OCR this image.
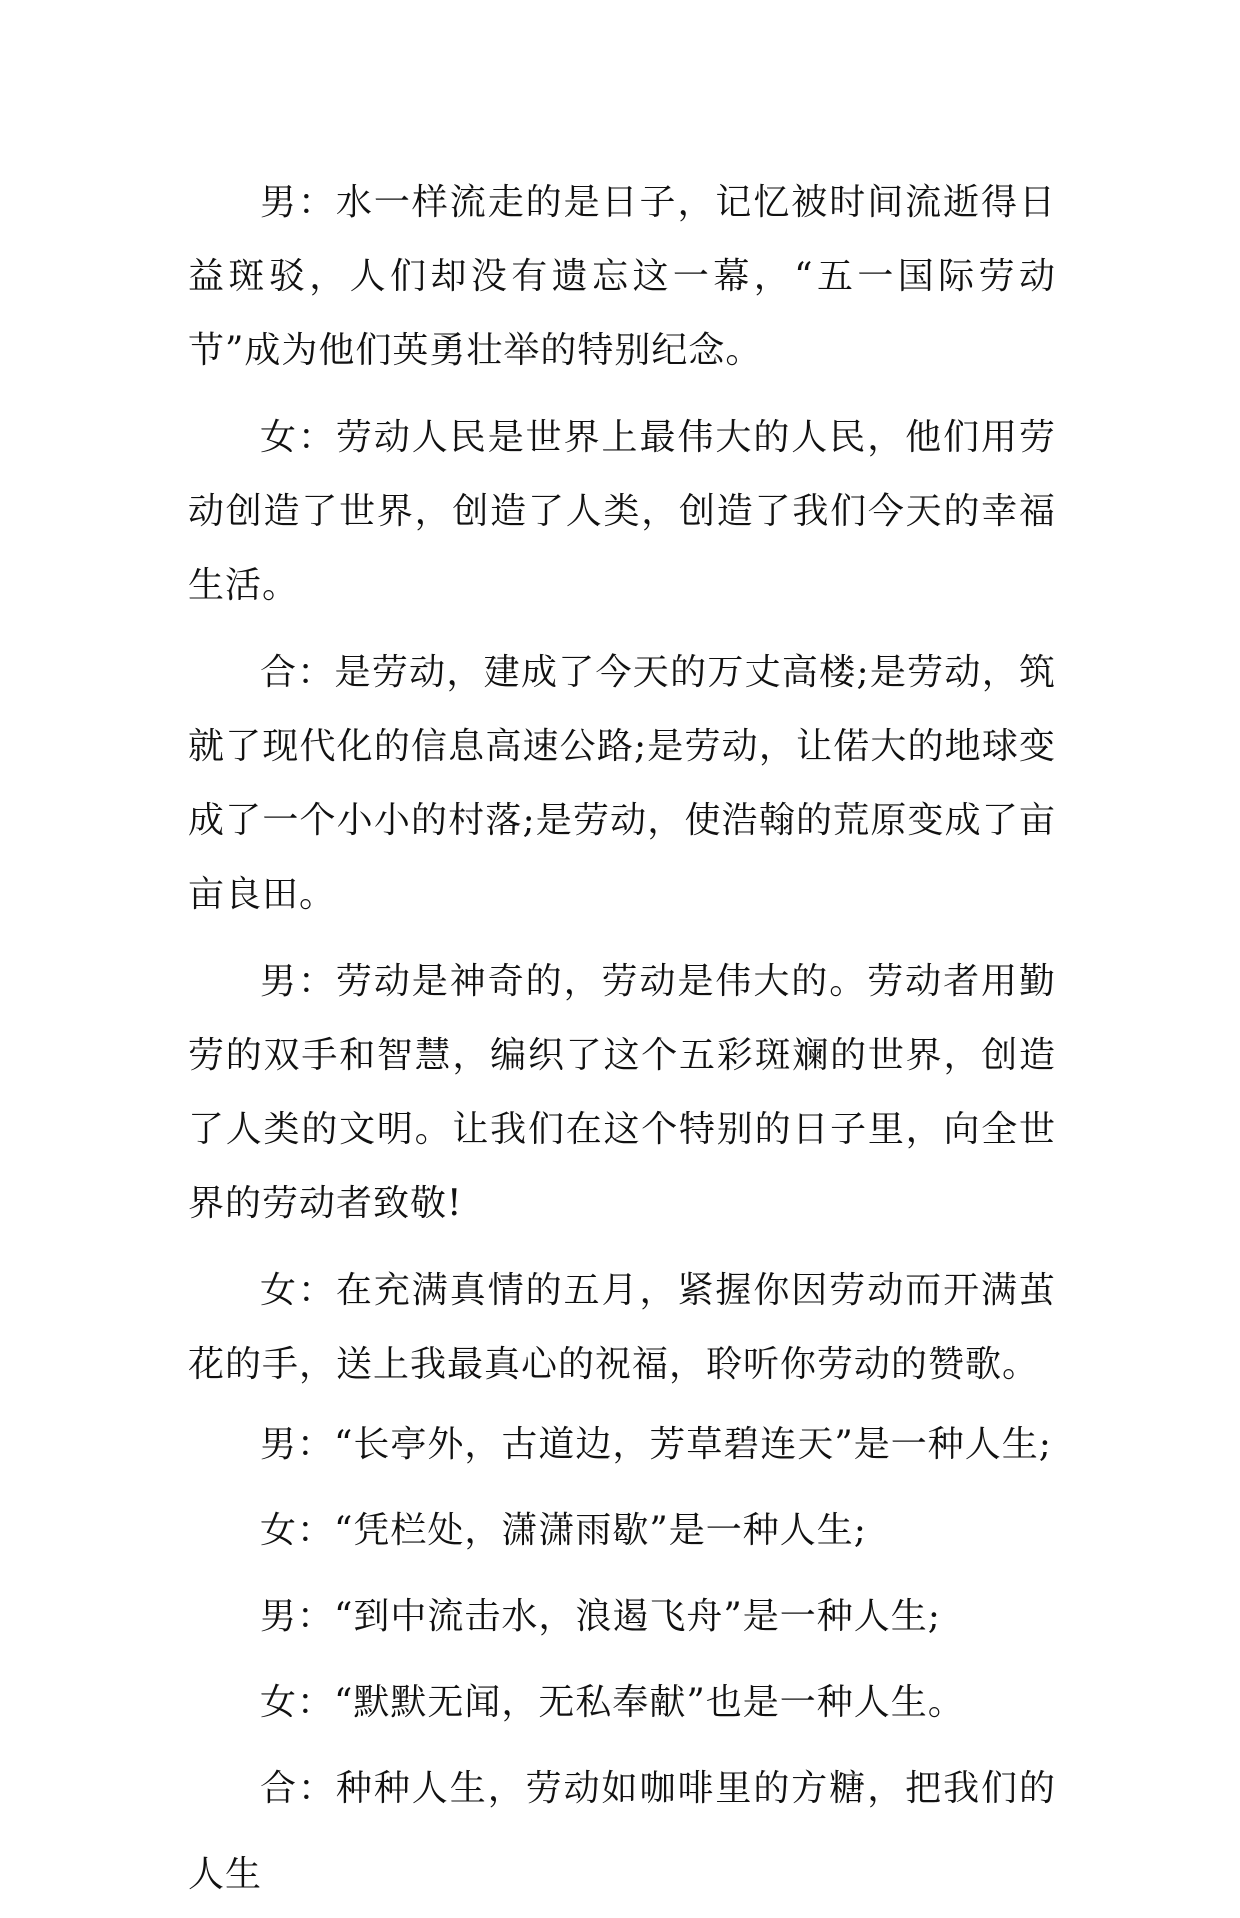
男：水一样流走的是日子，记忆被时间流逝得日益斑驳，人们却没有遗忘这一幕，“五一国际劳动节”成为他们英勇壮举的特别纪念。

女：劳动人民是世界上最伟大的人民，他们用劳动创造了世界，创造了人类，创造了我们今天的幸福生活。

合：是劳动，建成了今天的万丈高楼;是劳动，筑就了现代化的信息高速公路;是劳动，让偌大的地球变成了一个小小的村落;是劳动，使浩翰的荒原变成了亩亩良田。

男：劳动是神奇的，劳动是伟大的。劳动者用勤劳的双手和智慧，编织了这个五彩斑斓的世界，创造了人类的文明。让我们在这个特别的日子里，向全世界的劳动者致敬!

女：在充满真情的五月，紧握你因劳动而开满茧花的手，送上我最真心的祝福，聆听你劳动的赞歌。

男：“长亭外，古道边，芳草碧连天”是一种人生;

女：“凭栏处，潇潇雨歇”是一种人生;

男：“到中流击水，浪遏飞舟”是一种人生;

女：“默默无闻，无私奉献”也是一种人生。

合：种种人生，劳动如咖啡里的方糖，把我们的人生
